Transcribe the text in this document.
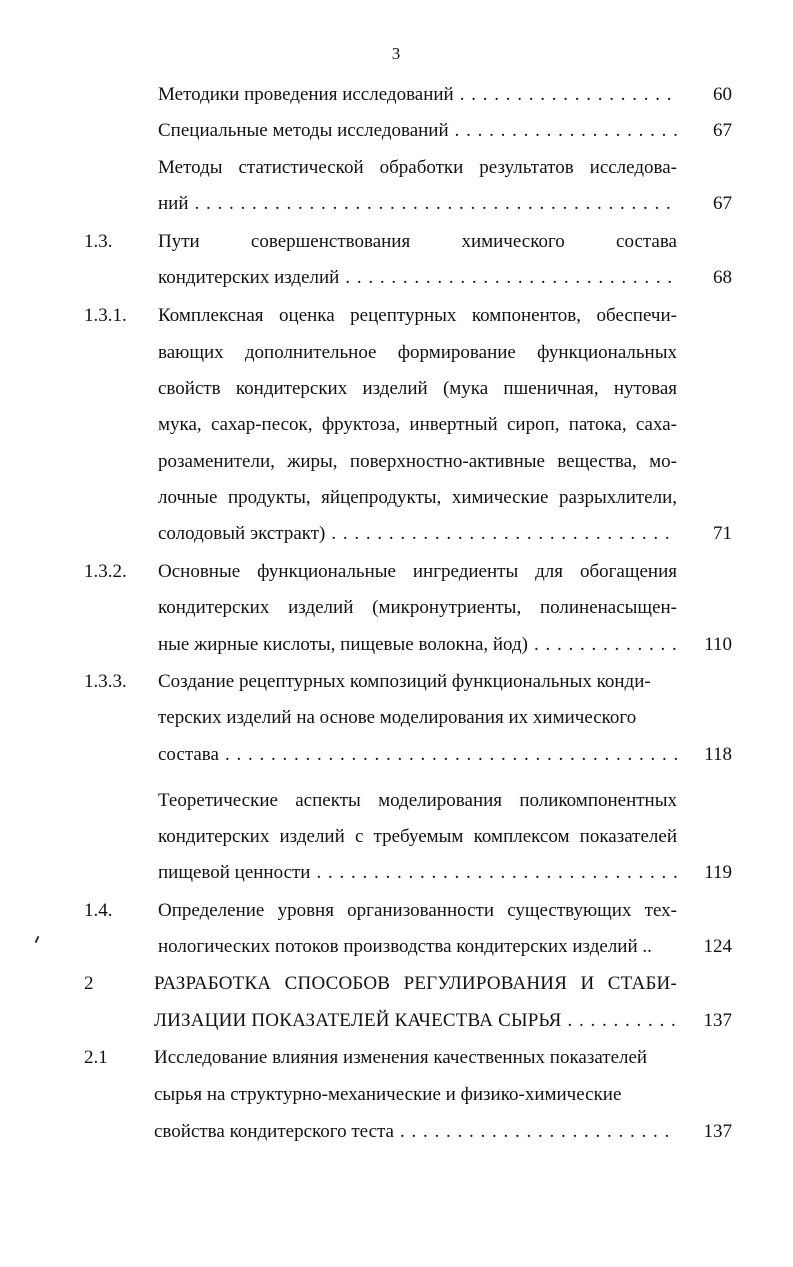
3
Методики проведения исследований . . .	60
Специальные методы исследований . . .	67
Методы статистической обработки результатов исследова-
ний . . .	67
1.3. Пути совершенствования химического состава
кондитерских изделий . . .	68
1.3.1. Комплексная оценка рецептурных компонентов, обеспечи-
вающих дополнительное формирование функциональных
свойств кондитерских изделий (мука пшеничная, нутовая
мука, сахар-песок, фруктоза, инвертный сироп, патока, саха-
розаменители, жиры, поверхностно-активные вещества, мо-
лочные продукты, яйцепродукты, химические разрыхлители,
солодовый экстракт) . . .	71
1.3.2. Основные функциональные ингредиенты для обогащения
кондитерских изделий (микронутриенты, полиненасыщен-
ные жирные кислоты, пищевые волокна, йод) . . .	110
1.3.3. Создание рецептурных композиций функциональных конди-
терских изделий на основе моделирования их химического
состава . . .	118
Теоретические аспекты моделирования поликомпонентных
кондитерских изделий с требуемым комплексом показателей
пищевой ценности . . .	119
1.4. Определение уровня организованности существующих тех-
нологических потоков производства кондитерских изделий ..	124
2	РАЗРАБОТКА СПОСОБОВ РЕГУЛИРОВАНИЯ И СТАБИ-
ЛИЗАЦИИ ПОКАЗАТЕЛЕЙ КАЧЕСТВА СЫРЬЯ . . .	137
2.1 Исследование влияния изменения качественных показателей
сырья на структурно-механические и физико-химические
свойства кондитерского теста . . .	137
